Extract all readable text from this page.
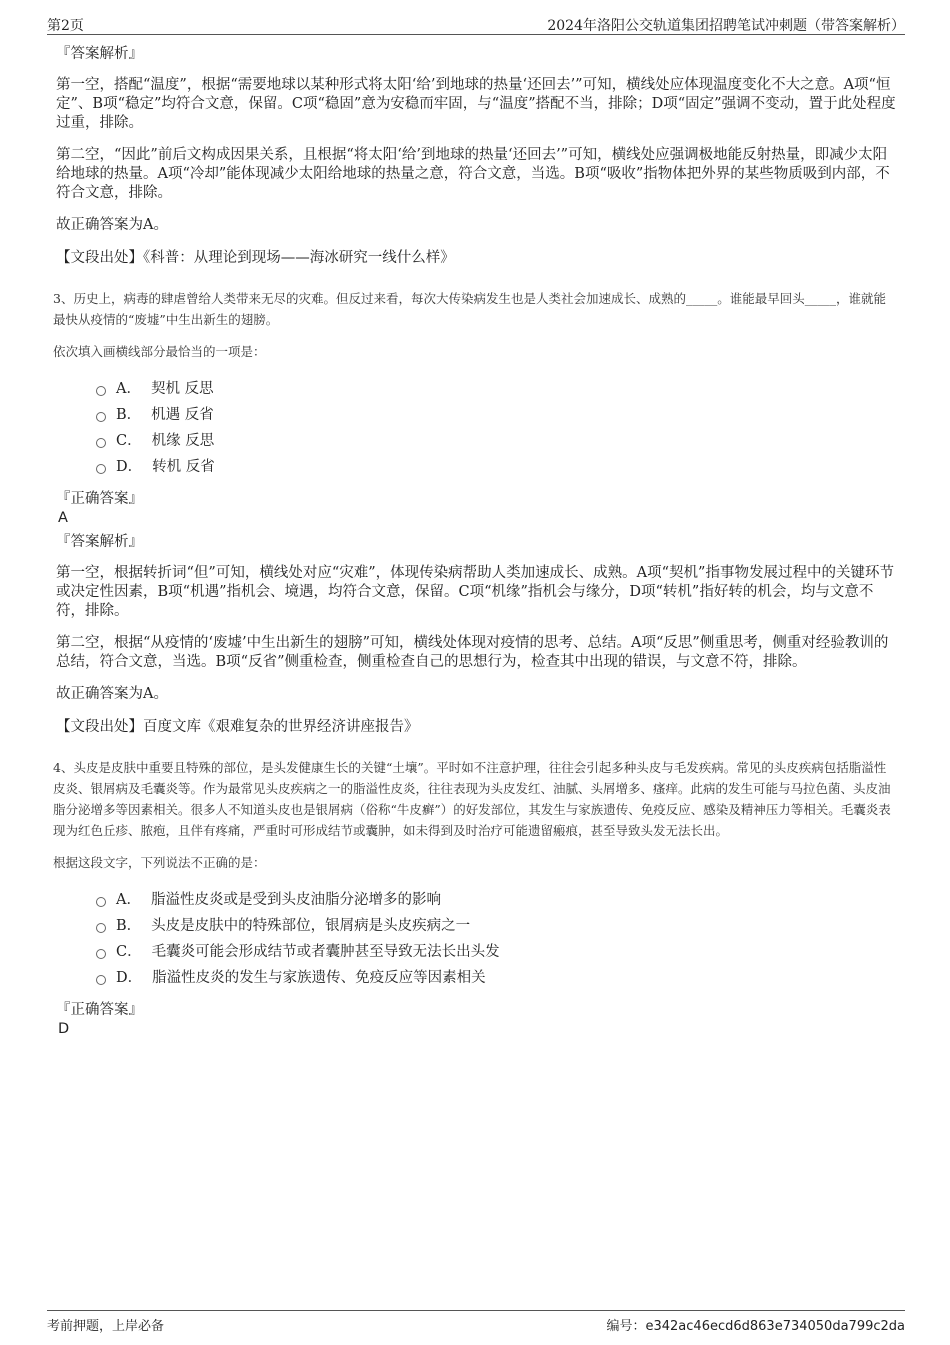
第2页	2024年洛阳公交轨道集团招聘笔试冲刺题（带答案解析）

『答案解析』

第一空，搭配“温度”，根据“需要地球以某种形式将太阳‘给’到地球的热量‘还回去’”可知，横线处应体现温度变化不大之意。A项“恒定”、B项“稳定”均符合文意，保留。C项“稳固”意为安稳而牢固，与“温度”搭配不当，排除；D项“固定”强调不变动，置于此处程度过重，排除。

第二空，“因此”前后文构成因果关系，且根据“将太阳‘给’到地球的热量‘还回去’”可知，横线处应强调极地能反射热量，即减少太阳给地球的热量。A项“冷却”能体现减少太阳给地球的热量之意，符合文意，当选。B项“吸收”指物体把外界的某些物质吸到内部，不符合文意，排除。

故正确答案为A。

【文段出处】《科普：从理论到现场——海冰研究一线什么样》

3、历史上，病毒的肆虐曾给人类带来无尽的灾难。但反过来看，每次大传染病发生也是人类社会加速成长、成熟的_____。谁能最早回头_____，谁就能最快从疫情的“废墟”中生出新生的翅膀。

依次填入画横线部分最恰当的一项是：

A． 契机 反思
B． 机遇 反省
C． 机缘 反思
D． 转机 反省

『正确答案』

A

『答案解析』

第一空，根据转折词“但”可知，横线处对应“灾难”，体现传染病帮助人类加速成长、成熟。A项“契机”指事物发展过程中的关键环节或决定性因素，B项“机遇”指机会、境遇，均符合文意，保留。C项“机缘”指机会与缘分，D项“转机”指好转的机会，均与文意不符，排除。

第二空，根据“从疫情的‘废墟’中生出新生的翅膀”可知，横线处体现对疫情的思考、总结。A项“反思”侧重思考，侧重对经验教训的总结，符合文意，当选。B项“反省”侧重检查，侧重检查自己的思想行为，检查其中出现的错误，与文意不符，排除。

故正确答案为A。

【文段出处】百度文库《艰难复杂的世界经济讲座报告》

4、头皮是皮肤中重要且特殊的部位，是头发健康生长的关键“土壤”。平时如不注意护理，往往会引起多种头皮与毛发疾病。常见的头皮疾病包括脂溢性皮炎、银屑病及毛囊炎等。作为最常见头皮疾病之一的脂溢性皮炎，往往表现为头皮发红、油腻、头屑增多、瘙痒。此病的发生可能与马拉色菌、头皮油脂分泌增多等因素相关。很多人不知道头皮也是银屑病（俗称“牛皮癣”）的好发部位，其发生与家族遗传、免疫反应、感染及精神压力等相关。毛囊炎表现为红色丘疹、脓疱，且伴有疼痛，严重时可形成结节或囊肿，如未得到及时治疗可能遗留瘢痕，甚至导致头发无法长出。

根据这段文字，下列说法不正确的是：

A． 脂溢性皮炎或是受到头皮油脂分泌增多的影响
B． 头皮是皮肤中的特殊部位，银屑病是头皮疾病之一
C． 毛囊炎可能会形成结节或者囊肿甚至导致无法长出头发
D． 脂溢性皮炎的发生与家族遗传、免疫反应等因素相关

『正确答案』

D

考前押题，上岸必备	编号：e342ac46ecd6d863e734050da799c2da
